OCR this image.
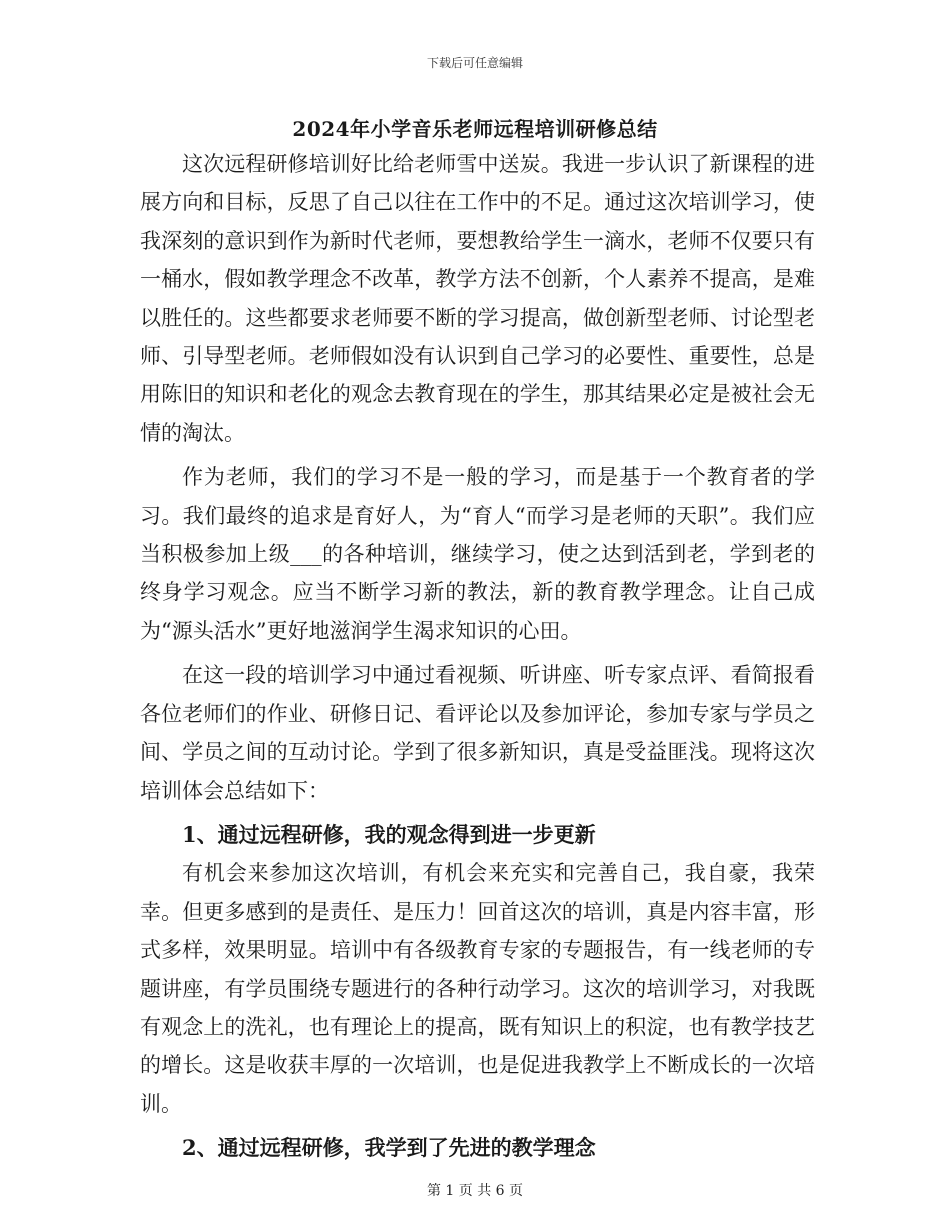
下载后可任意编辑
2024年小学音乐老师远程培训研修总结

这次远程研修培训好比给老师雪中送炭。我进一步认识了新课程的进展方向和目标，反思了自己以往在工作中的不足。通过这次培训学习，使我深刻的意识到作为新时代老师，要想教给学生一滴水，老师不仅要只有一桶水，假如教学理念不改革，教学方法不创新，个人素养不提高，是难以胜任的。这些都要求老师要不断的学习提高，做创新型老师、讨论型老师、引导型老师。老师假如没有认识到自己学习的必要性、重要性，总是用陈旧的知识和老化的观念去教育现在的学生，那其结果必定是被社会无情的淘汰。

作为老师，我们的学习不是一般的学习，而是基于一个教育者的学习。我们最终的追求是育好人，为“育人“而学习是老师的天职”。我们应当积极参加上级___的各种培训，继续学习，使之达到活到老，学到老的终身学习观念。应当不断学习新的教法，新的教育教学理念。让自己成为“源头活水”更好地滋润学生渴求知识的心田。

在这一段的培训学习中通过看视频、听讲座、听专家点评、看简报看各位老师们的作业、研修日记、看评论以及参加评论，参加专家与学员之间、学员之间的互动讨论。学到了很多新知识，真是受益匪浅。现将这次培训体会总结如下：

1、通过远程研修，我的观念得到进一步更新

有机会来参加这次培训，有机会来充实和完善自己，我自豪，我荣幸。但更多感到的是责任、是压力！回首这次的培训，真是内容丰富，形式多样，效果明显。培训中有各级教育专家的专题报告，有一线老师的专题讲座，有学员围绕专题进行的各种行动学习。这次的培训学习，对我既有观念上的洗礼，也有理论上的提高，既有知识上的积淀，也有教学技艺的增长。这是收获丰厚的一次培训，也是促进我教学上不断成长的一次培训。

2、通过远程研修，我学到了先进的教学理念

第 1 页 共 6 页
